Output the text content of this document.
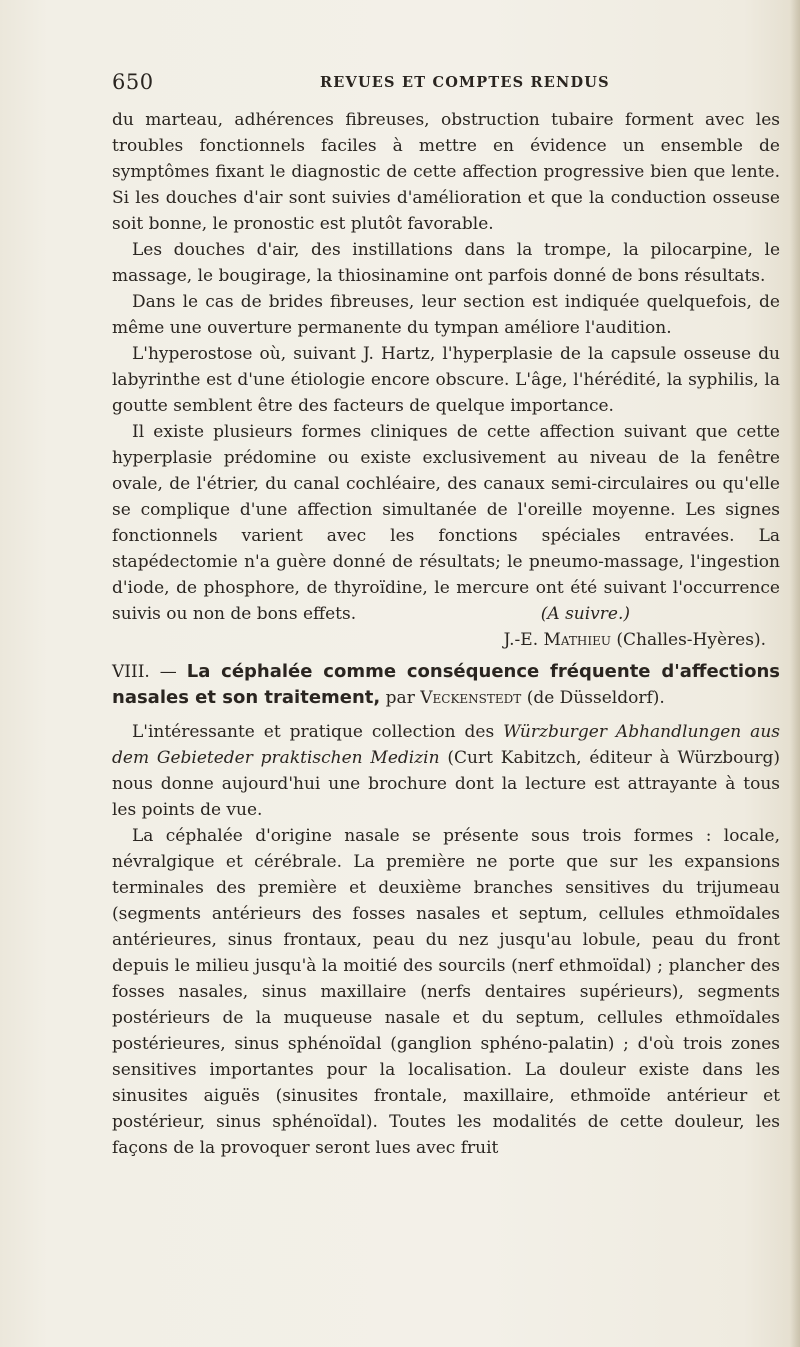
650	REVUES ET COMPTES RENDUS

du marteau, adhérences fibreuses, obstruction tubaire forment avec les troubles fonctionnels faciles à mettre en évidence un ensemble de symptômes fixant le diagnostic de cette affection progressive bien que lente. Si les douches d'air sont suivies d'amélioration et que la conduction osseuse soit bonne, le pronostic est plutôt favorable.

Les douches d'air, des instillations dans la trompe, la pilocarpine, le massage, le bougirage, la thiosinamine ont parfois donné de bons résultats.

Dans le cas de brides fibreuses, leur section est indiquée quelquefois, de même une ouverture permanente du tympan améliore l'audition.

L'hyperostose où, suivant J. Hartz, l'hyperplasie de la capsule osseuse du labyrinthe est d'une étiologie encore obscure. L'âge, l'hérédité, la syphilis, la goutte semblent être des facteurs de quelque importance.

Il existe plusieurs formes cliniques de cette affection suivant que cette hyperplasie prédomine ou existe exclusivement au niveau de la fenêtre ovale, de l'étrier, du canal cochléaire, des canaux semi-circulaires ou qu'elle se complique d'une affection simultanée de l'oreille moyenne. Les signes fonctionnels varient avec les fonctions spéciales entravées. La stapédectomie n'a guère donné de résultats; le pneumo-massage, l'ingestion d'iode, de phosphore, de thyroïdine, le mercure ont été suivant l'occurrence suivis ou non de bons effets.	(A suivre.)

J.-E. Mathieu (Challes-Hyères).

VIII. — La céphalée comme conséquence fréquente d'affections nasales et son traitement, par Veckenstedt (de Düsseldorf).

L'intéressante et pratique collection des Würzburger Abhandlungen aus dem Gebieteder praktischen Medizin (Curt Kabitzch, éditeur à Würzbourg) nous donne aujourd'hui une brochure dont la lecture est attrayante à tous les points de vue.

La céphalée d'origine nasale se présente sous trois formes : locale, névralgique et cérébrale. La première ne porte que sur les expansions terminales des première et deuxième branches sensitives du trijumeau (segments antérieurs des fosses nasales et septum, cellules ethmoïdales antérieures, sinus frontaux, peau du nez jusqu'au lobule, peau du front depuis le milieu jusqu'à la moitié des sourcils (nerf ethmoïdal) ; plancher des fosses nasales, sinus maxillaire (nerfs dentaires supérieurs), segments postérieurs de la muqueuse nasale et du septum, cellules ethmoïdales postérieures, sinus sphénoïdal (ganglion sphéno-palatin) ; d'où trois zones sensitives importantes pour la localisation. La douleur existe dans les sinusites aiguës (sinusites frontale, maxillaire, ethmoïde antérieur et postérieur, sinus sphénoïdal). Toutes les modalités de cette douleur, les façons de la provoquer seront lues avec fruit
